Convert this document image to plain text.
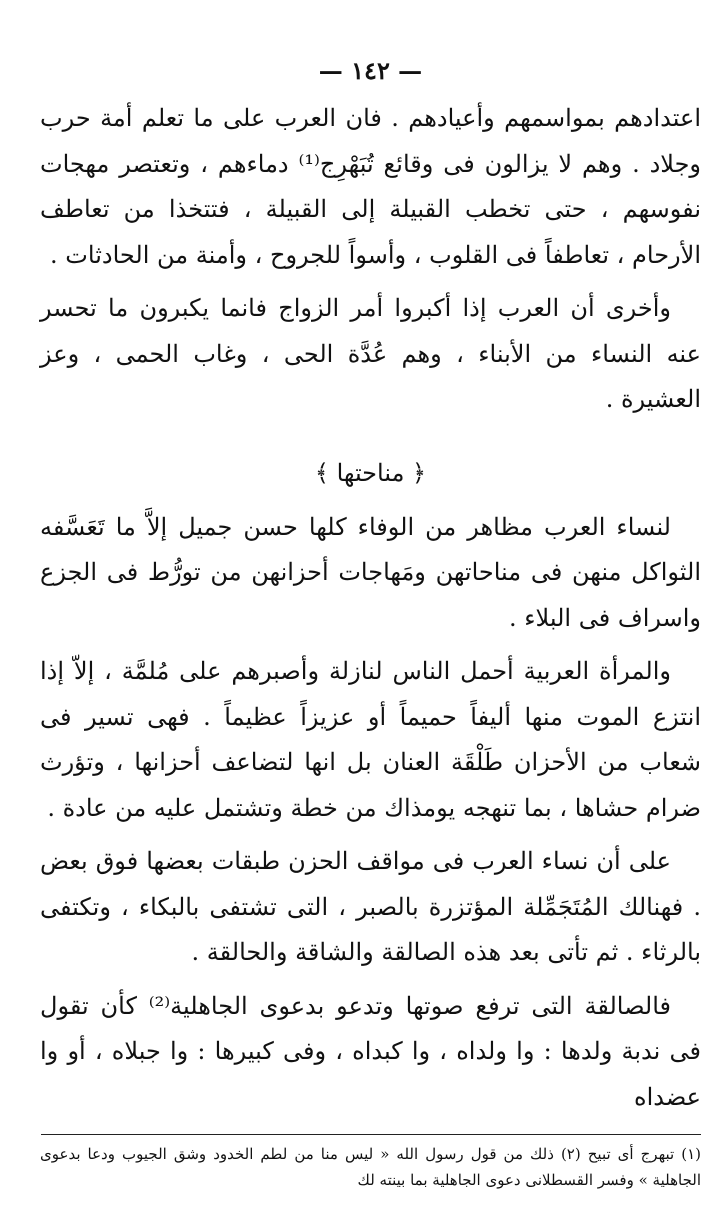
— ١٤٢ —

اعتدادهم بمواسمهم وأعيادهم . فان العرب على ما تعلم أمة حرب وجلاد . وهم لا يزالون فى وقائع تُبَهْرِج⁽¹⁾ دماءهم ، وتعتصر مهجات نفوسهم ، حتى تخطب القبيلة إلى القبيلة ، فتتخذا من تعاطف الأرحام ، تعاطفاً فى القلوب ، وأسواً للجروح ، وأمنة من الحادثات .

وأخرى أن العرب إذا أكبروا أمر الزواج فانما يكبرون ما تحسر عنه النساء من الأبناء ، وهم عُدَّة الحى ، وغاب الحمى ، وعز العشيرة .

﴿ مناحتها ﴾

لنساء العرب مظاهر من الوفاء كلها حسن جميل إلاَّ ما تَعَسَّفه الثواكل منهن فى مناحاتهن ومَهاجات أحزانهن من تورُّط فى الجزع واسراف فى البلاء .

والمرأة العربية أحمل الناس لنازلة وأصبرهم على مُلمَّة ، إلاّ إذا انتزع الموت منها أليفاً حميماً أو عزيزاً عظيماً . فهى تسير فى شعاب من الأحزان طَلْقَة العنان بل انها لتضاعف أحزانها ، وتؤرث ضرام حشاها ، بما تنهجه يومذاك من خطة وتشتمل عليه من عادة .

على أن نساء العرب فى مواقف الحزن طبقات بعضها فوق بعض . فهنالك المُتَجَمِّلة المؤتزرة بالصبر ، التى تشتفى بالبكاء ، وتكتفى بالرثاء . ثم تأتى بعد هذه الصالقة والشاقة والحالقة .

فالصالقة التى ترفع صوتها وتدعو بدعوى الجاهلية⁽²⁾ كأن تقول فى ندبة ولدها : وا ولداه ، وا كبداه ، وفى كبيرها : وا جبلاه ، أو وا عضداه

(١) تبهرج أى تبيح (٢) ذلك من قول رسول الله « ليس منا من لطم الخدود وشق الجيوب ودعا بدعوى الجاهلية » وفسر القسطلانى دعوى الجاهلية بما بينته لك
